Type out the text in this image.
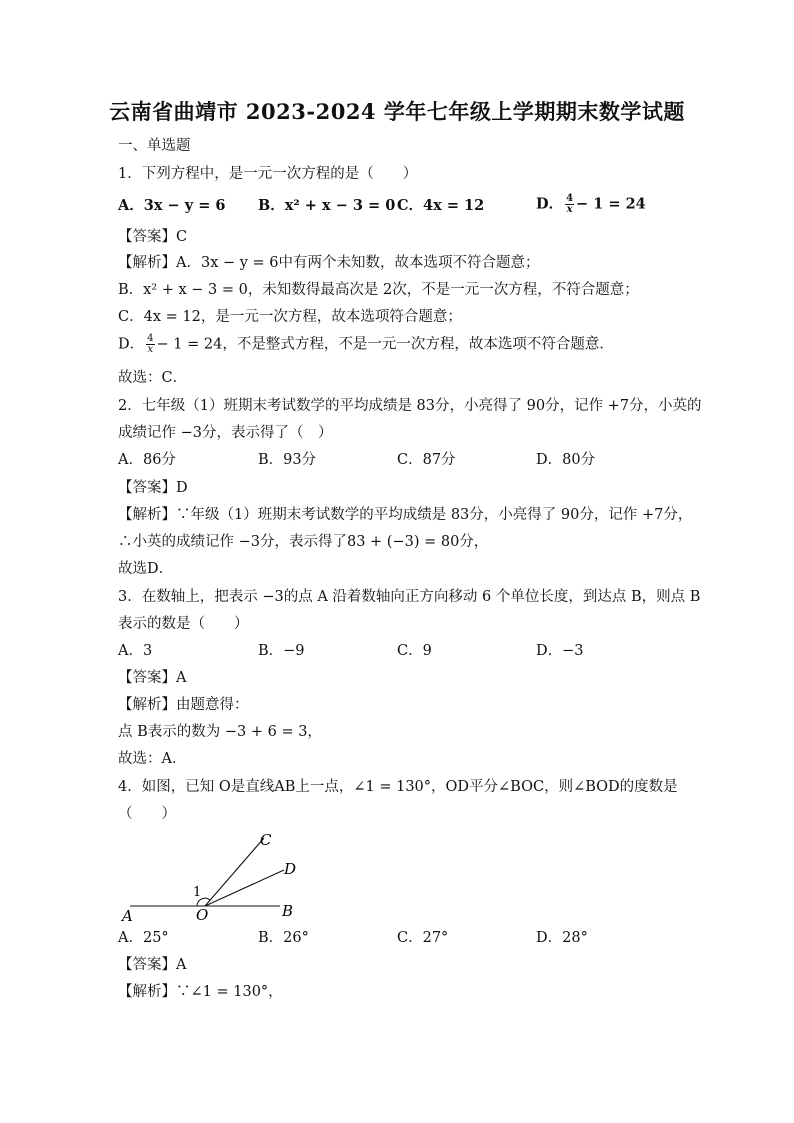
云南省曲靖市 2023-2024 学年七年级上学期期末数学试题
一、单选题
1．下列方程中，是一元一次方程的是（　　）
A．3x − y = 6 B．x² + x − 3 = 0 C．4x = 12	D． $\frac{4}{x} - 1 = 24$
【答案】C
【解析】A．3x − y = 6中有两个未知数，故本选项不符合题意；
B．x² + x − 3 = 0，未知数得最高次是 2次，不是一元一次方程，不符合题意；
C．4x = 12，是一元一次方程，故本选项符合题意；
D． $\frac{4}{x} - 1 = 24$，不是整式方程，不是一元一次方程，故本选项不符合题意．
故选：C．
2．七年级（1）班期末考试数学的平均成绩是 83分，小亮得了 90分，记作 +7分，小英的
成绩记作 −3分，表示得了（　）
A．86分	B．93分	C．87分	D．80分
【答案】D
【解析】∵年级（1）班期末考试数学的平均成绩是 83分，小亮得了 90分，记作 +7分，
∴小英的成绩记作 −3分，表示得了83 + (−3) = 80分，
故选D．
3．在数轴上，把表示 −3的点 A 沿着数轴向正方向移动 6 个单位长度，到达点 B，则点 B
表示的数是（　　）
A．3	B．−9	C．9	D．−3
【答案】A
【解析】由题意得：
点 B表示的数为 −3 + 6 = 3，
故选：A．
4．如图，已知 O是直线AB上一点，∠1 = 130°，OD平分∠BOC，则∠BOD的度数是
（　　）
A	O	B
C
D
1
A．25°	B．26°	C．27°	D．28°
【答案】A
【解析】∵∠1 = 130°，
